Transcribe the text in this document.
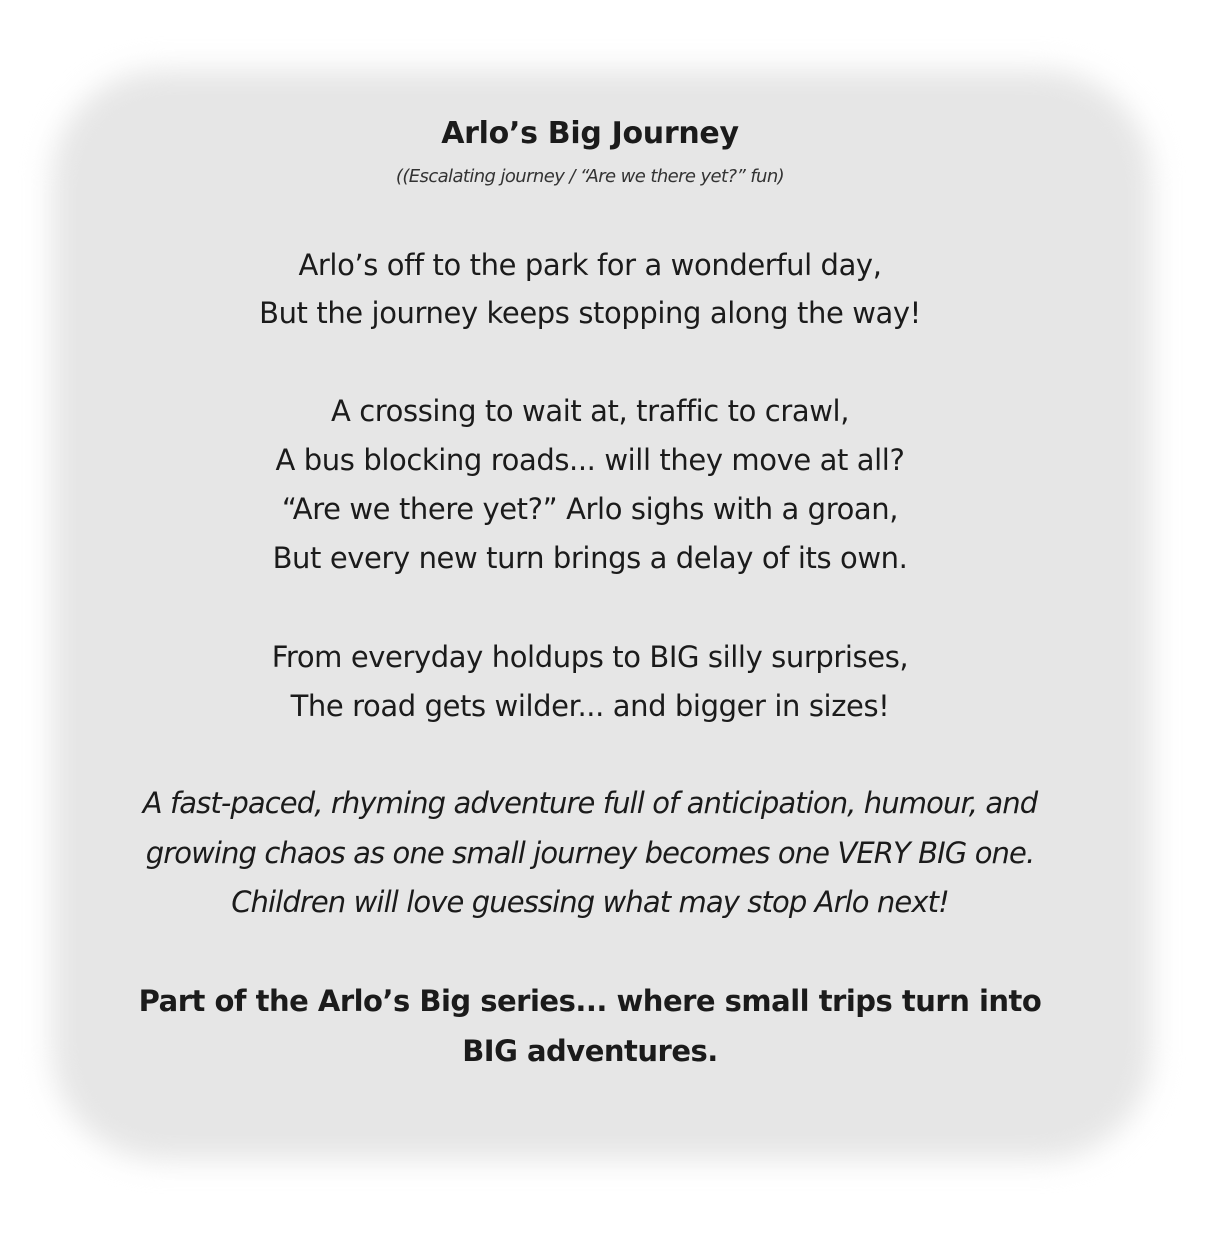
Arlo’s Big Journey
((Escalating journey / “Are we there yet?” fun)
Arlo’s off to the park for a wonderful day,
But the journey keeps stopping along the way!
A crossing to wait at, traffic to crawl,
A bus blocking roads... will they move at all?
“Are we there yet?” Arlo sighs with a groan,
But every new turn brings a delay of its own.
From everyday holdups to BIG silly surprises,
The road gets wilder... and bigger in sizes!
A fast-paced, rhyming adventure full of anticipation, humour, and
growing chaos as one small journey becomes one VERY BIG one.
Children will love guessing what may stop Arlo next!
Part of the Arlo’s Big series... where small trips turn into
BIG adventures.
